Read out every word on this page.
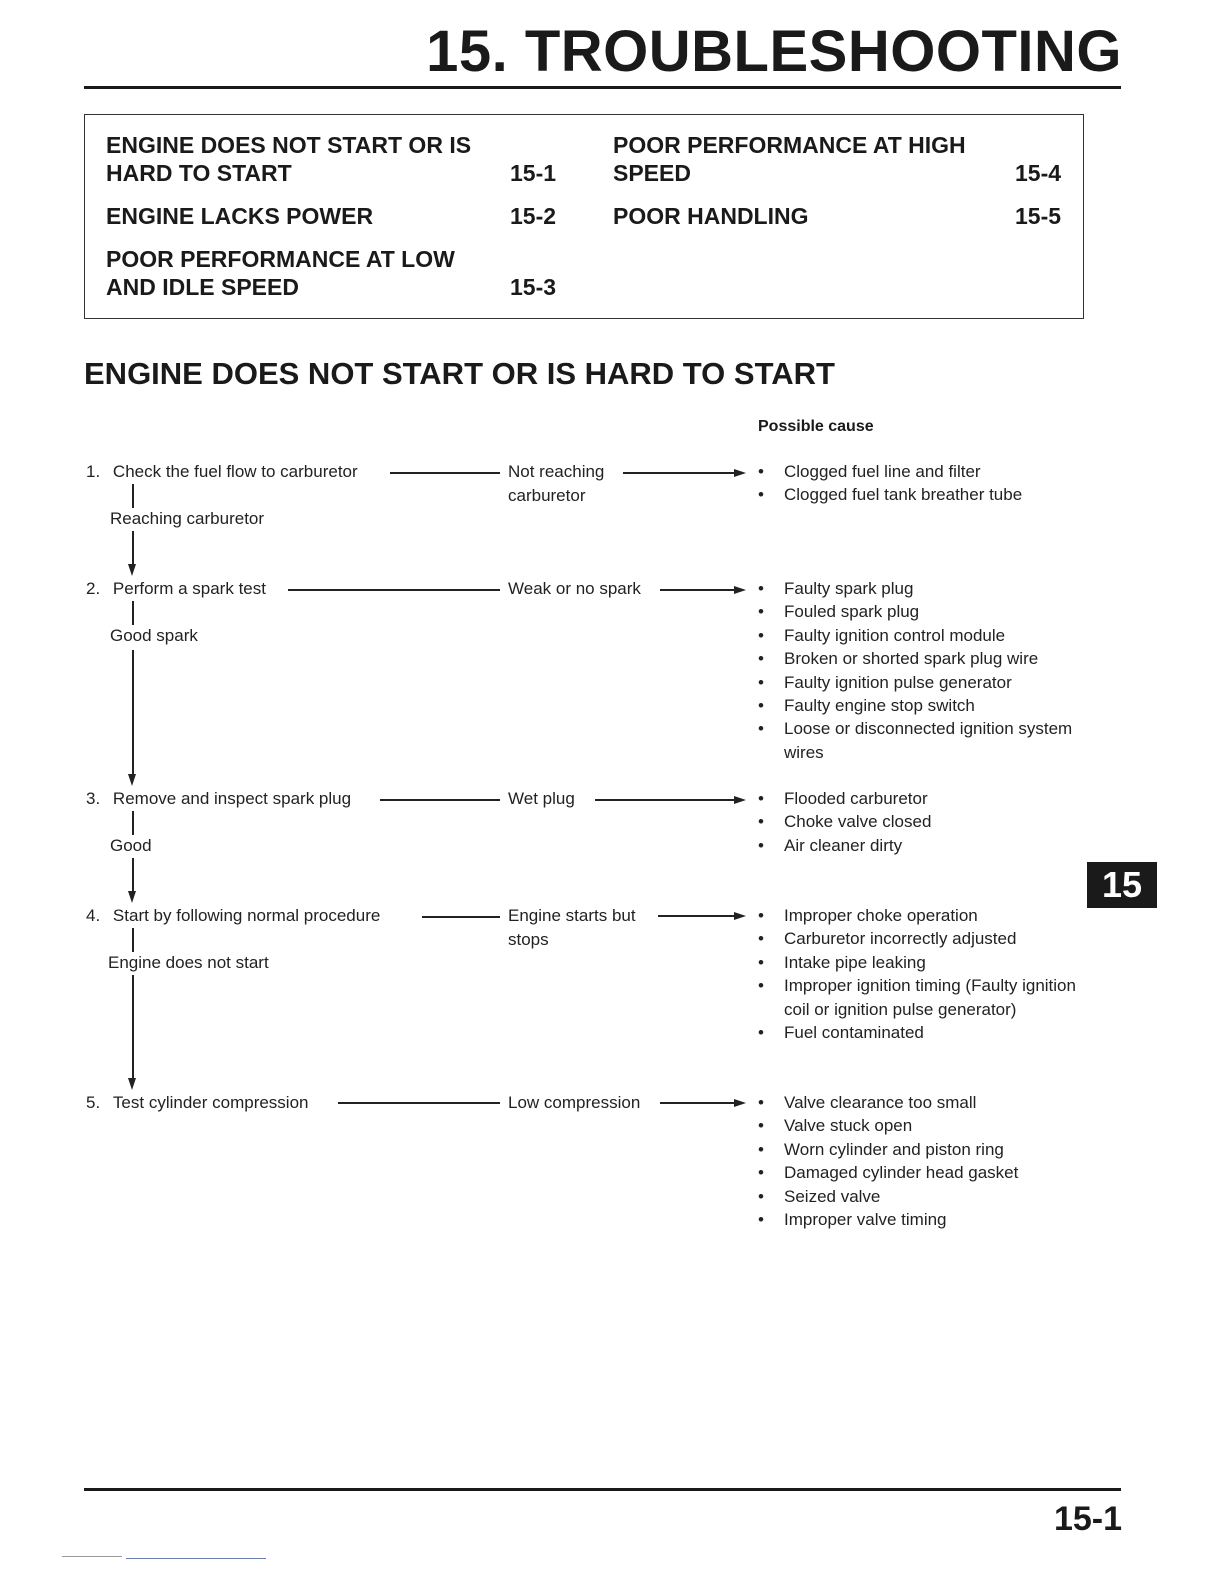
15. TROUBLESHOOTING
ENGINE DOES NOT START OR IS
HARD TO START	15-1
ENGINE LACKS POWER	15-2
POOR PERFORMANCE AT LOW
AND IDLE SPEED	15-3
POOR PERFORMANCE AT HIGH
SPEED	15-4
POOR HANDLING	15-5
ENGINE DOES NOT START OR IS HARD TO START
Possible cause
1. Check the fuel flow to carburetor	Not reaching
carburetor
Reaching carburetor
• Clogged fuel line and filter
• Clogged fuel tank breather tube
2. Perform a spark test	Weak or no spark
Good spark
• Faulty spark plug
• Fouled spark plug
• Faulty ignition control module
• Broken or shorted spark plug wire
• Faulty ignition pulse generator
• Faulty engine stop switch
• Loose or disconnected ignition system wires
3. Remove and inspect spark plug	Wet plug
Good
• Flooded carburetor
• Choke valve closed
• Air cleaner dirty
4. Start by following normal procedure	Engine starts but
stops
Engine does not start
• Improper choke operation
• Carburetor incorrectly adjusted
• Intake pipe leaking
• Improper ignition timing (Faulty ignition coil or ignition pulse generator)
• Fuel contaminated
5. Test cylinder compression	Low compression	• Valve clearance too small
• Valve stuck open
• Worn cylinder and piston ring
• Damaged cylinder head gasket
• Seized valve
• Improper valve timing
15
15-1
